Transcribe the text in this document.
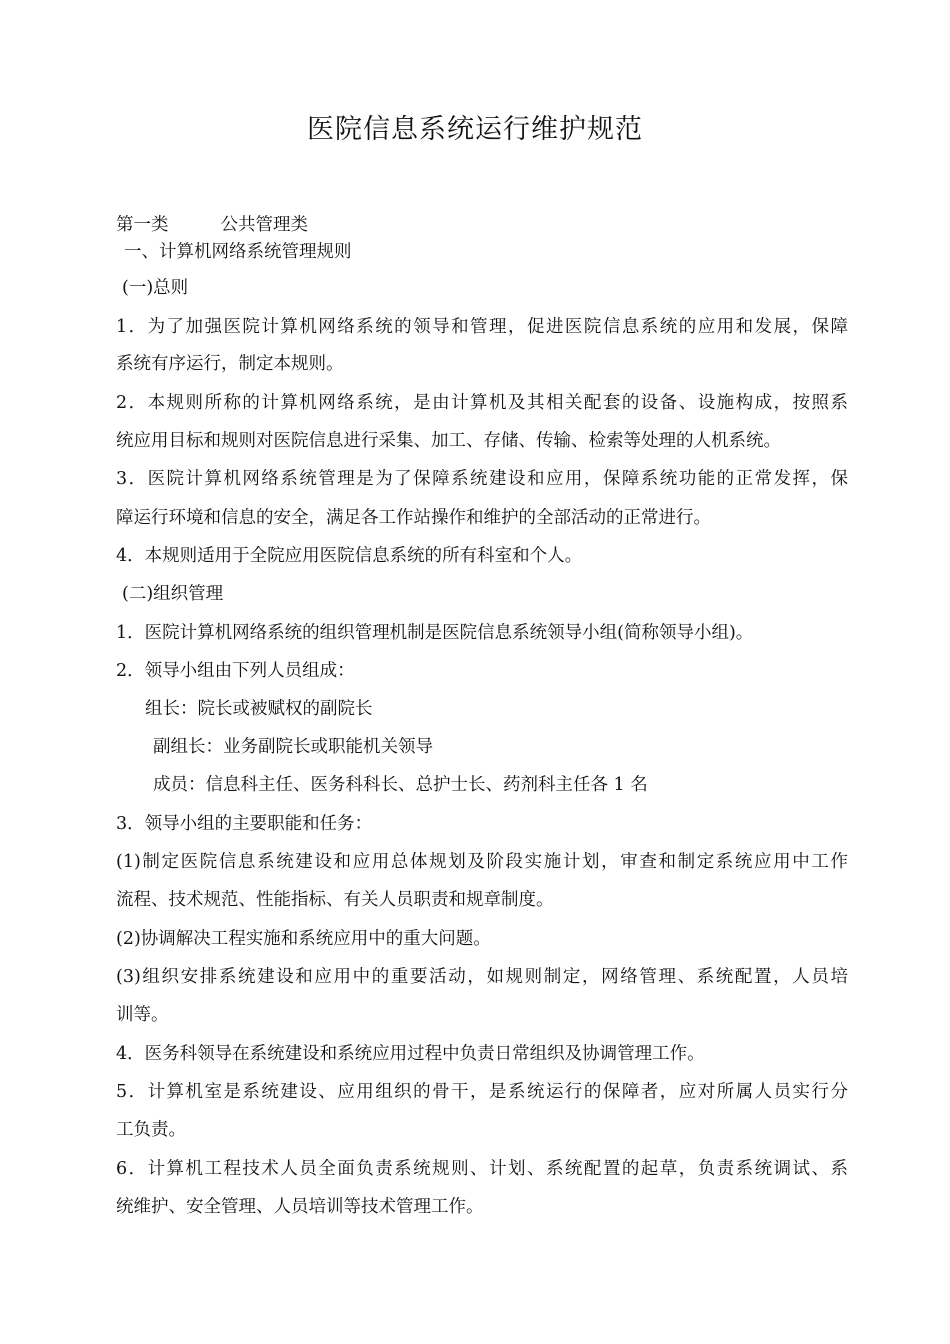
医院信息系统运行维护规范
第一类	公共管理类
一、计算机网络系统管理规则
(一)总则
1．为了加强医院计算机网络系统的领导和管理，促进医院信息系统的应用和发展，保障
系统有序运行，制定本规则。
2．本规则所称的计算机网络系统，是由计算机及其相关配套的设备、设施构成，按照系
统应用目标和规则对医院信息进行采集、加工、存储、传输、检索等处理的人机系统。
3．医院计算机网络系统管理是为了保障系统建设和应用，保障系统功能的正常发挥，保
障运行环境和信息的安全，满足各工作站操作和维护的全部活动的正常进行。
4．本规则适用于全院应用医院信息系统的所有科室和个人。
(二)组织管理
1．医院计算机网络系统的组织管理机制是医院信息系统领导小组(简称领导小组)。
2．领导小组由下列人员组成：
组长：院长或被赋权的副院长
副组长：业务副院长或职能机关领导
成员：信息科主任、医务科科长、总护士长、药剂科主任各 1 名
3．领导小组的主要职能和任务：
(1)制定医院信息系统建设和应用总体规划及阶段实施计划，审查和制定系统应用中工作
流程、技术规范、性能指标、有关人员职责和规章制度。
(2)协调解决工程实施和系统应用中的重大问题。
(3)组织安排系统建设和应用中的重要活动，如规则制定，网络管理、系统配置，人员培
训等。
4．医务科领导在系统建设和系统应用过程中负责日常组织及协调管理工作。
5．计算机室是系统建设、应用组织的骨干，是系统运行的保障者，应对所属人员实行分
工负责。
6．计算机工程技术人员全面负责系统规则、计划、系统配置的起草，负责系统调试、系
统维护、安全管理、人员培训等技术管理工作。
